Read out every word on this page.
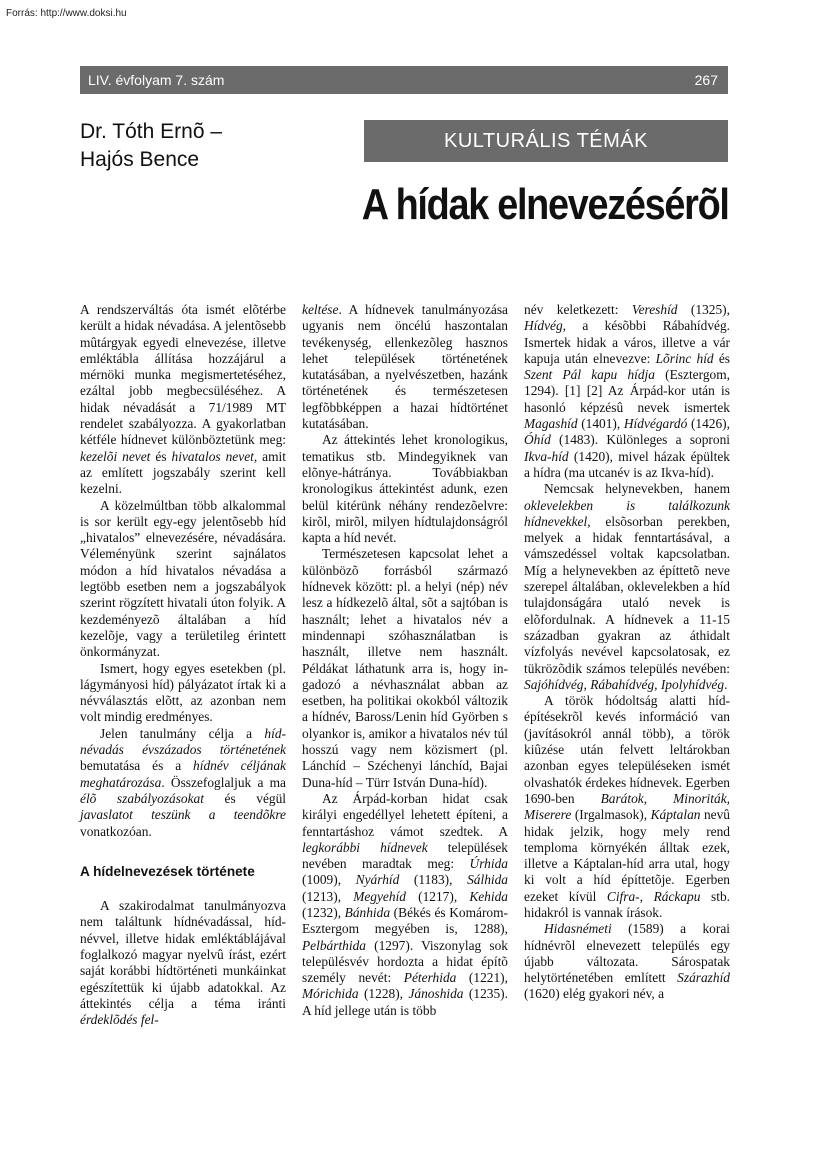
Forrás: http://www.doksi.hu
LIV. évfolyam 7. szám	267
Dr. Tóth Ernõ –
Hajós Bence
KULTURÁLIS TÉMÁK
A hídak elnevezésérõl

A rendszerváltás óta ismét elõtérbe került a hidak névadása. A jelentõsebb mûtárgyak egyedi elnevezése, illetve emléktábla állítása hozzájárul a mérnöki munka megismertetéséhez, ezáltal jobb megbecsüléséhez. A hidak névadását a 71/1989 MT rendelet szabályozza. A gyakorlatban kétféle hídnevet különböztetünk meg: kezelõi nevet és hivatalos nevet, amit az említett jogszabály szerint kell kezelni.

A közelmúltban több alkalommal is sor került egy-egy jelentõsebb híd „hivatalos” elnevezésére, névadására. Véleményünk szerint sajnálatos módon a híd hivatalos névadása a legtöbb esetben nem a jogszabályok szerint rögzített hivatali úton folyik. A kezdeményezõ általában a híd kezelõje, vagy a területileg érintett önkormányzat.

Ismert, hogy egyes esetekben (pl. lágymányosi híd) pályázatot írtak ki a névválasztás elõtt, az azonban nem volt mindig eredményes.

Jelen tanulmány célja a hídnévadás évszázados történetének bemutatása és a hídnév céljának meghatározása. Összefoglaljuk a ma élõ szabályozásokat és végül javaslatot teszünk a teendõkre vonatkozóan.

A hídelnevezések története

A szakirodalmat tanulmányozva nem találtunk hídnévadással, hídnévvel, illetve hidak emléktáblájával foglalkozó magyar nyelvû írást, ezért saját korábbi hídtörténeti munkáinkat egészítettük ki újabb adatokkal. Az áttekintés célja a téma iránti érdeklõdés fel-

keltése. A hídnevek tanulmányozása ugyanis nem öncélú haszontalan tevékenység, ellenkezõleg hasznos lehet települések történetének kutatásában, a nyelvészetben, hazánk történetének és természetesen legfõbbképpen a hazai hídtörténet kutatásában.

Az áttekintés lehet kronologikus, tematikus stb. Mindegyiknek van elõnye-hátránya. Továbbiakban kronologikus áttekintést adunk, ezen belül kitérünk néhány rendezõelvre: kirõl, mirõl, milyen hídtulajdonságról kapta a híd nevét.

Természetesen kapcsolat lehet a különbözõ forrásból származó hídnevek között: pl. a helyi (nép) név lesz a hídkezelõ által, sõt a sajtóban is használt; lehet a hivatalos név a mindennapi szóhasználatban is használt, illetve nem használt. Példákat láthatunk arra is, hogy ingadozó a névhasználat abban az esetben, ha politikai okokból változik a hídnév, Baross/Lenin híd Györben s olyankor is, amikor a hivatalos név túl hosszú vagy nem közismert (pl. Lánchíd – Széchenyi lánchíd, Bajai Duna-híd – Türr István Duna-híd).

Az Árpád-korban hidat csak királyi engedéllyel lehetett építeni, a fenntartáshoz vámot szedtek. A legkorábbi hídnevek települések nevében maradtak meg: Úrhida (1009), Nyárhíd (1183), Sálhida (1213), Megyehíd (1217), Kehida (1232), Bánhida (Békés és Komárom-Esztergom megyében is, 1288), Pelbárthida (1297). Viszonylag sok településvév hordozta a hidat építõ személy nevét: Péterhida (1221), Mórichida (1228), Jánoshida (1235). A híd jellege után is több

név keletkezett: Vereshíd (1325), Hídvég, a késõbbi Rábahídvég. Ismertek hidak a város, illetve a vár kapuja után elnevezve: Lõrinc híd és Szent Pál kapu hídja (Esztergom, 1294). [1] [2] Az Árpád-kor után is hasonló képzésû nevek ismertek Magashíd (1401), Hídvégardó (1426), Óhíd (1483). Különleges a soproni Ikva-híd (1420), mivel házak épültek a hídra (ma utcanév is az Ikva-híd).

Nemcsak helynevekben, hanem oklevelekben is találkozunk hídnevekkel, elsõsorban perekben, melyek a hidak fenntartásával, a vámszedéssel voltak kapcsolatban. Míg a helynevekben az építtetõ neve szerepel általában, oklevelekben a híd tulajdonságára utaló nevek is elõfordulnak. A hídnevek a 11-15 században gyakran az áthidalt vízfolyás nevével kapcsolatosak, ez tükrözõdik számos település nevében: Sajóhídvég, Rábahídvég, Ipolyhídvég.

A török hódoltság alatti hídépítésekrõl kevés információ van (javításokról annál több), a török kiûzése után felvett leltárokban azonban egyes településeken ismét olvashatók érdekes hídnevek. Egerben 1690-ben Barátok, Minoriták, Miserere (Irgalmasok), Káptalan nevû hidak jelzik, hogy mely rend temploma környékén álltak ezek, illetve a Káptalan-híd arra utal, hogy ki volt a híd építtetõje. Egerben ezeket kívül Cifra-, Ráckapu stb. hidakról is vannak írások.

Hidasnémeti (1589) a korai hídnévrõl elnevezett település egy újabb változata. Sárospatak helytörténetében említett Szárazhíd (1620) elég gyakori név, a
